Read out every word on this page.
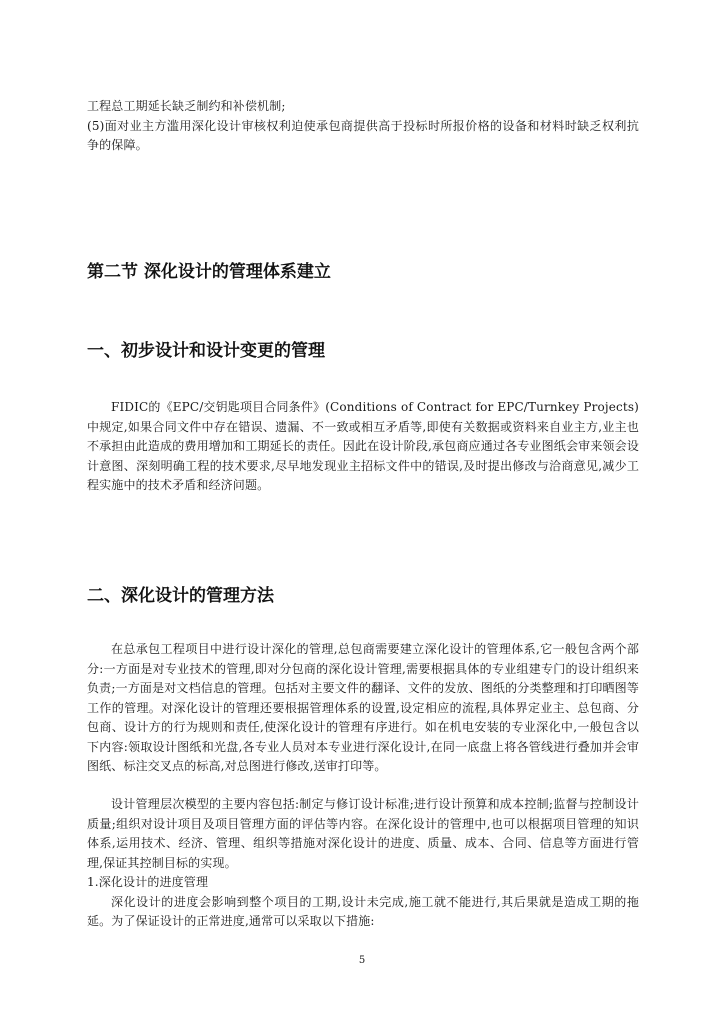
工程总工期延长缺乏制约和补偿机制;

(5)面对业主方滥用深化设计审核权利迫使承包商提供高于投标时所报价格的设备和材料时缺乏权利抗争的保障。

第二节 深化设计的管理体系建立
一、初步设计和设计变更的管理

FIDIC的《EPC/交钥匙项目合同条件》(Conditions of Contract for EPC/Turnkey Projects)中规定,如果合同文件中存在错误、遗漏、不一致或相互矛盾等,即使有关数据或资料来自业主方,业主也不承担由此造成的费用增加和工期延长的责任。因此在设计阶段,承包商应通过各专业图纸会审来领会设计意图、深刻明确工程的技术要求,尽早地发现业主招标文件中的错误,及时提出修改与洽商意见,减少工程实施中的技术矛盾和经济问题。

二、深化设计的管理方法

在总承包工程项目中进行设计深化的管理,总包商需要建立深化设计的管理体系,它一般包含两个部分:一方面是对专业技术的管理,即对分包商的深化设计管理,需要根据具体的专业组建专门的设计组织来负责;一方面是对文档信息的管理。包括对主要文件的翻译、文件的发放、图纸的分类整理和打印晒图等工作的管理。对深化设计的管理还要根据管理体系的设置,设定相应的流程,具体界定业主、总包商、分包商、设计方的行为规则和责任,使深化设计的管理有序进行。如在机电安装的专业深化中,一般包含以下内容:领取设计图纸和光盘,各专业人员对本专业进行深化设计,在同一底盘上将各管线进行叠加并会审图纸、标注交叉点的标高,对总图进行修改,送审打印等。

设计管理层次模型的主要内容包括:制定与修订设计标准;进行设计预算和成本控制;监督与控制设计质量;组织对设计项目及项目管理方面的评估等内容。在深化设计的管理中,也可以根据项目管理的知识体系,运用技术、经济、管理、组织等措施对深化设计的进度、质量、成本、合同、信息等方面进行管理,保证其控制目标的实现。

1.深化设计的进度管理

深化设计的进度会影响到整个项目的工期,设计未完成,施工就不能进行,其后果就是造成工期的拖延。为了保证设计的正常进度,通常可以采取以下措施:

5
